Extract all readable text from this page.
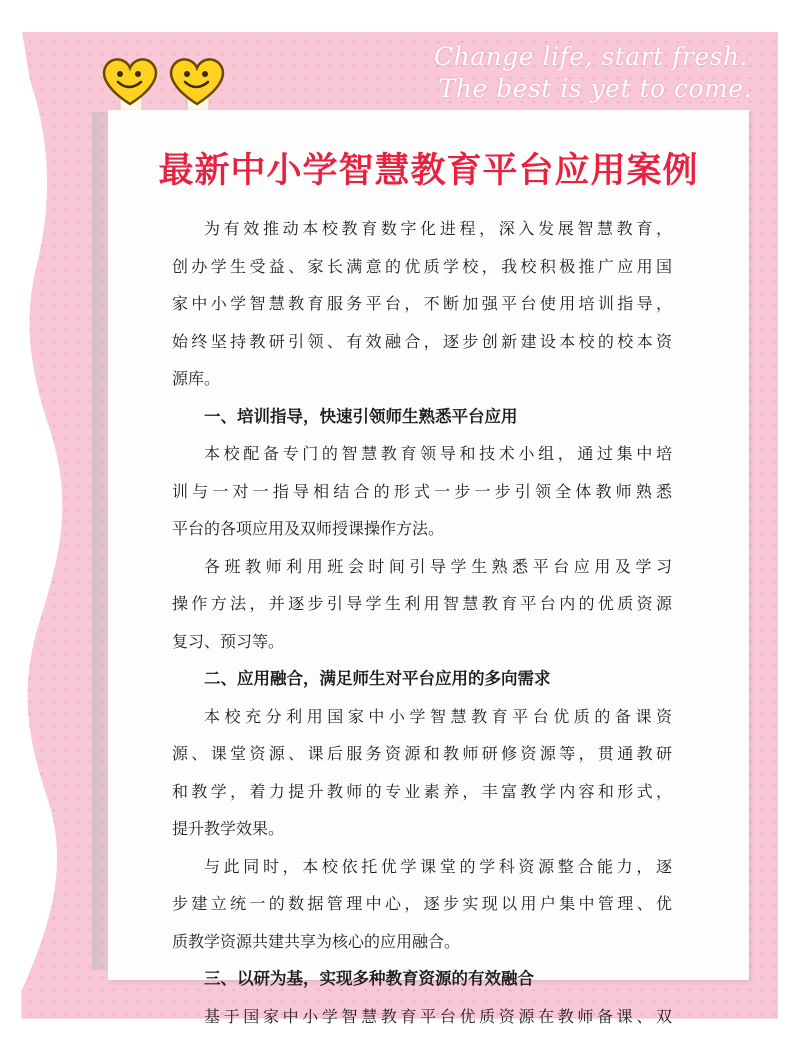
Change life, start fresh.
The best is yet to come.
最新中小学智慧教育平台应用案例
为有效推动本校教育数字化进程，深入发展智慧教育，
创办学生受益、家长满意的优质学校，我校积极推广应用国
家中小学智慧教育服务平台，不断加强平台使用培训指导，
始终坚持教研引领、有效融合，逐步创新建设本校的校本资
源库。
一、培训指导，快速引领师生熟悉平台应用
本校配备专门的智慧教育领导和技术小组，通过集中培
训与一对一指导相结合的形式一步一步引领全体教师熟悉
平台的各项应用及双师授课操作方法。
各班教师利用班会时间引导学生熟悉平台应用及学习
操作方法，并逐步引导学生利用智慧教育平台内的优质资源
复习、预习等。
二、应用融合，满足师生对平台应用的多向需求
本校充分利用国家中小学智慧教育平台优质的备课资
源、课堂资源、课后服务资源和教师研修资源等，贯通教研
和教学，着力提升教师的专业素养，丰富教学内容和形式，
提升教学效果。
与此同时，本校依托优学课堂的学科资源整合能力，逐
步建立统一的数据管理中心，逐步实现以用户集中管理、优
质教学资源共建共享为核心的应用融合。
三、以研为基，实现多种教育资源的有效融合
基于国家中小学智慧教育平台优质资源在教师备课、双
